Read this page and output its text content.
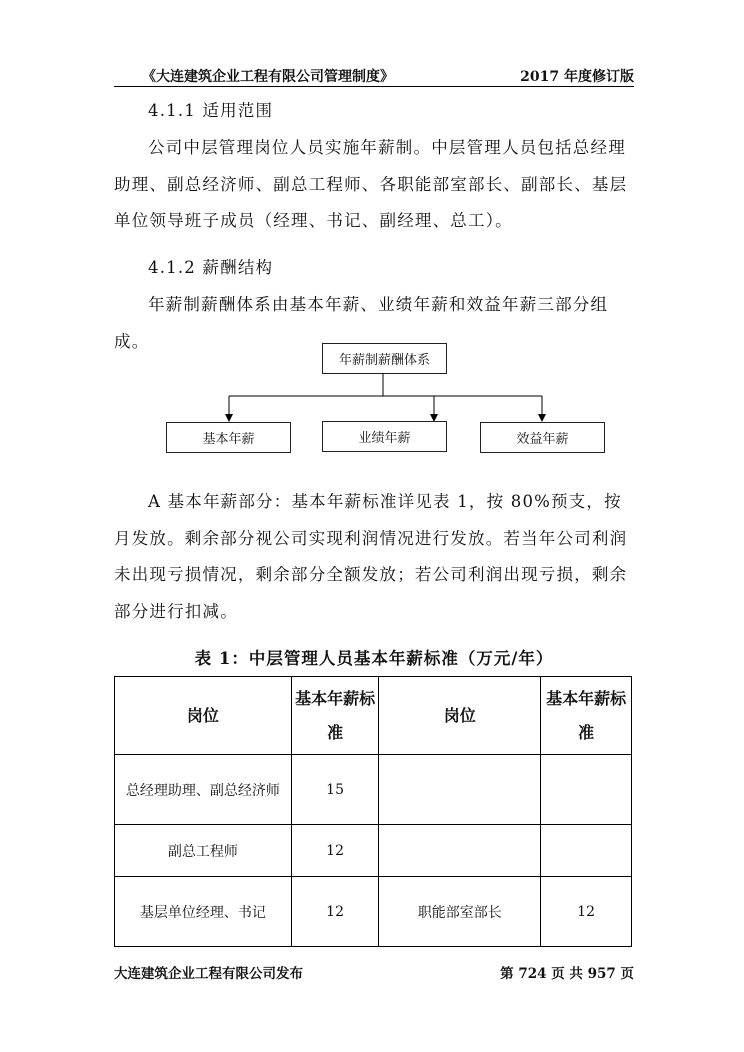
《大连建筑企业工程有限公司管理制度》	2017 年度修订版
4.1.1 适用范围
公司中层管理岗位人员实施年薪制。中层管理人员包括总经理助理、副总经济师、副总工程师、各职能部室部长、副部长、基层单位领导班子成员（经理、书记、副经理、总工）。
4.1.2 薪酬结构
年薪制薪酬体系由基本年薪、业绩年薪和效益年薪三部分组成。
年薪制薪酬体系
基本年薪	业绩年薪	效益年薪
A 基本年薪部分：基本年薪标准详见表 1，按 80%预支，按月发放。剩余部分视公司实现利润情况进行发放。若当年公司利润未出现亏损情况，剩余部分全额发放；若公司利润出现亏损，剩余部分进行扣减。
表 1：中层管理人员基本年薪标准（万元/年）
岗位	基本年薪标准	岗位	基本年薪标准
总经理助理、副总经济师	15		
副总工程师	12		
基层单位经理、书记	12	职能部室部长	12
大连建筑企业工程有限公司发布	第 724 页 共 957 页
